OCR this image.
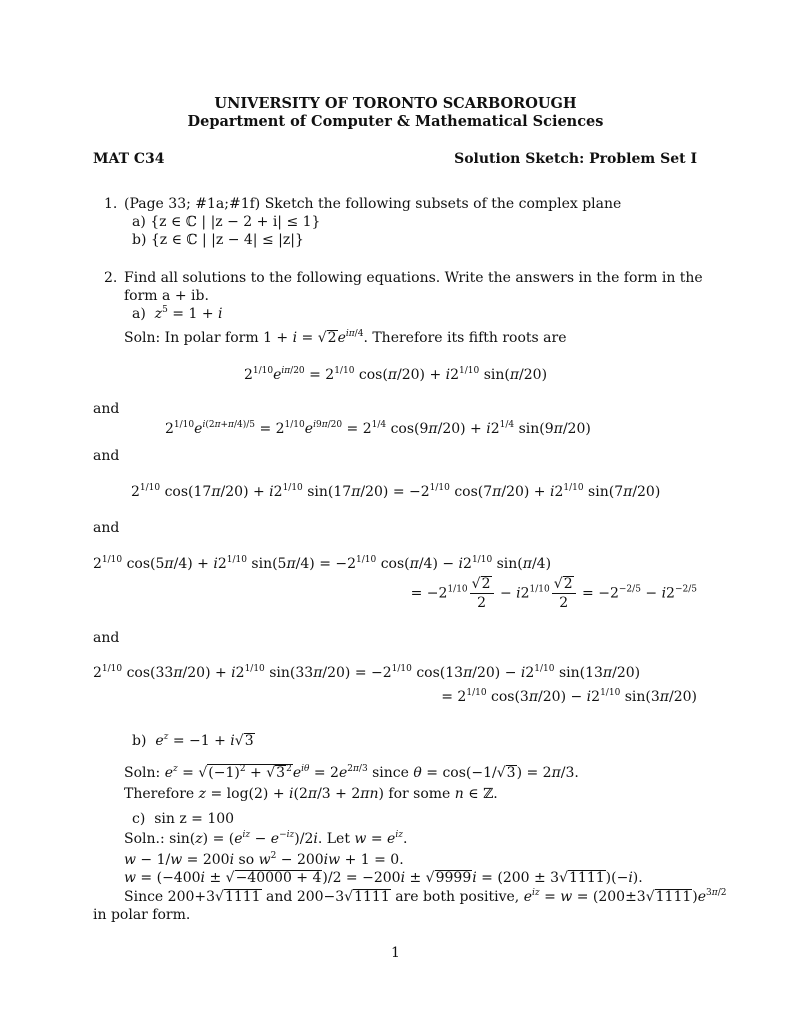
UNIVERSITY OF TORONTO SCARBOROUGH
Department of Computer & Mathematical Sciences
MAT C34	Solution Sketch: Problem Set I
1. (Page 33; #1a;#1f) Sketch the following subsets of the complex plane
a) {z ∈ ℂ | |z − 2 + i| ≤ 1}
b) {z ∈ ℂ | |z − 4| ≤ |z|}
2. Find all solutions to the following equations. Write the answers in the form in the
form a + ib.
a) $z^5 = 1 + i$
Soln: In polar form $1 + i = √2e^{i\pi/4}$. Therefore its fifth roots are
$2^{1/10}e^{i\pi/20} = 2^{1/10}$ $\cos(\pi/20) + i2^{1/10}$ sin(π/20)
and
$2^{1/10}e^{i(2\pi+\pi/4)/5} = 2^{1/10}e^{i9\pi/20} = 2^{1/4}$ $\cos(9\pi/20) + i2^{1/4}$ sin(9π/20)
and
$2^{1/10}$ $\cos(17\pi/20) + i2^{1/10}$ $\sin(17\pi/20) = -2^{1/10}$ $\cos(7\pi/20) + i2^{1/10}$ sin(7π/20)
and
$2^{1/10}$ $\cos(5\pi/4) + i2^{1/10}$ $\sin(5\pi/4) = -2^{1/10}$ $\cos(\pi/4) - i2^{1/10}$ sin(π/4)
= $-2^{1/10} \frac{√2}{2} - i2^{1/10} \frac{√2}{2} = -2^{-2/5} - i2^{-2/5}$
and
$2^{1/10}$ $\cos(33\pi/20) + i2^{1/10}$ $\sin(33\pi/20) = -2^{1/10}$ $\cos(13\pi/20) - i2^{1/10}$ sin(13π/20)
= $2^{1/10}$ $\cos(3\pi/20) - i2^{1/10}$ sin(3π/20)
b) $e^z = -1 + i√3$
Soln: $e^z = √(-1)^2 + √3^2e^{i\theta} = 2e^{2\pi/3}$ since θ = cos(−1/√3) = 2π/3.
Therefore z = log(2) + i(2π/3 + 2πn) for some n ∈ ℤ.
c) sin z = 100
Soln.: $\sin(z) = (e^{iz} - e^{-iz})/2i$. Let $w = e^{iz}$.
w − 1/w = 200i so $w^2 - 200iw + 1 = 0$.
w = (−400i ± √−40000 + 4)/2 = −200i ± √9999i = (200 ± 3√1111)(−i).
Since 200+3√1111 and 200−3√1111 are both positive, $e^{iz} = w = (200\pm 3√1111)e^{3\pi/2}$
in polar form.
1
